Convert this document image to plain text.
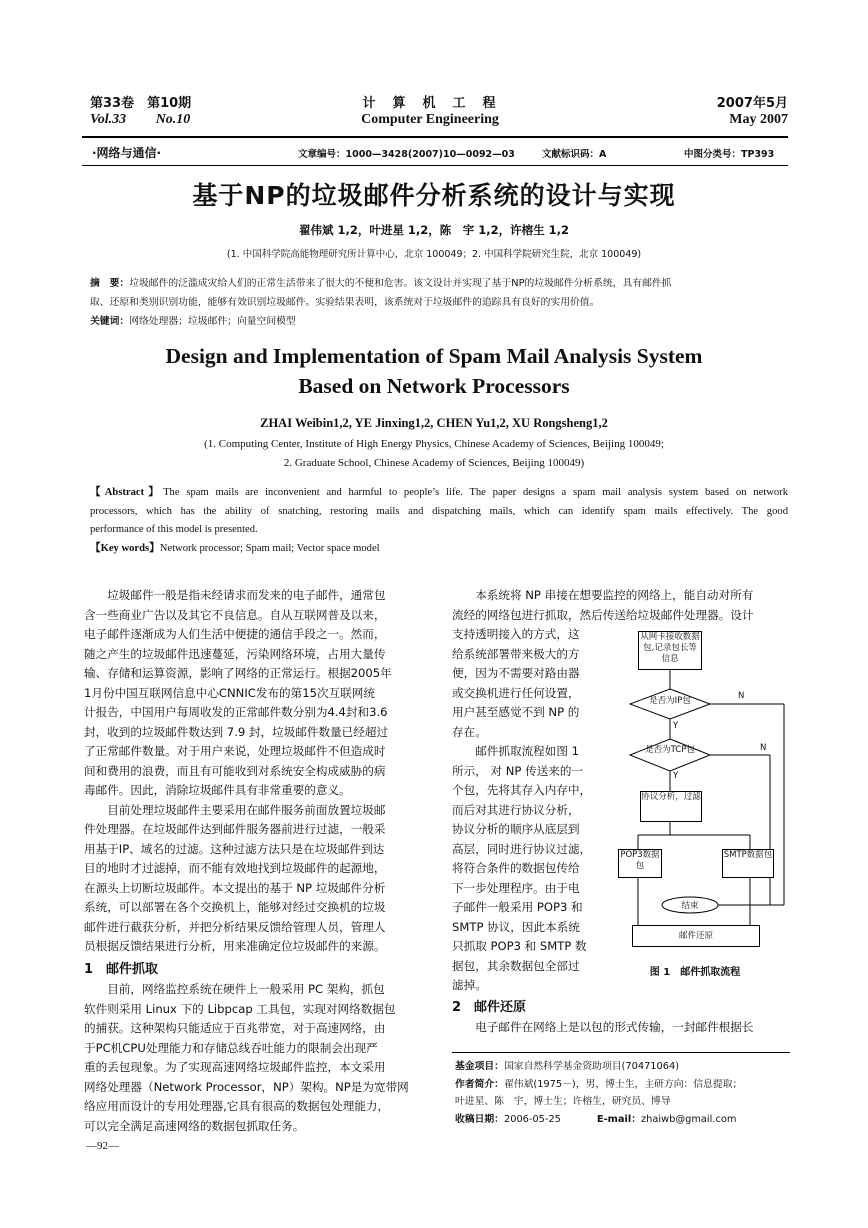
第33卷　第10期
Vol.33 No.10
计　算　机　工　程
Computer Engineering
2007年5月
May 2007
·网络与通信·	文章编号：1000—3428(2007)10—0092—03	文献标识码：A	中图分类号：TP393
基于NP的垃圾邮件分析系统的设计与实现
翟伟斌 1,2，叶进星 1,2，陈　宇 1,2，许榕生 1,2
(1. 中国科学院高能物理研究所计算中心，北京 100049；2. 中国科学院研究生院，北京 100049)
摘　要：垃圾邮件的泛滥成灾给人们的正常生活带来了很大的不便和危害。该文设计并实现了基于NP的垃圾邮件分析系统，具有邮件抓
取、还原和类别识别功能，能够有效识别垃圾邮件。实验结果表明，该系统对于垃圾邮件的追踪具有良好的实用价值。
关键词：网络处理器；垃圾邮件；向量空间模型
Design and Implementation of Spam Mail Analysis System
Based on Network Processors
ZHAI Weibin1,2, YE Jinxing1,2, CHEN Yu1,2, XU Rongsheng1,2
(1. Computing Center, Institute of High Energy Physics, Chinese Academy of Sciences, Beijing 100049;
2. Graduate School, Chinese Academy of Sciences, Beijing 100049)
【Abstract】The spam mails are inconvenient and harmful to people’s life. The paper designs a spam mail analysis system based on network
processors, which has the ability of snatching, restoring mails and dispatching mails, which can identify spam mails effectively. The good
performance of this model is presented.
【Key words】Network processor; Spam mail; Vector space model
　　垃圾邮件一般是指未经请求而发来的电子邮件，通常包
含一些商业广告以及其它不良信息。自从互联网普及以来，
电子邮件逐渐成为人们生活中便捷的通信手段之一。然而，
随之产生的垃圾邮件迅速蔓延，污染网络环境，占用大量传
输、存储和运算资源，影响了网络的正常运行。根据2005年
1月份中国互联网信息中心CNNIC发布的第15次互联网统
计报告，中国用户每周收发的正常邮件数分别为4.4封和3.6
封，收到的垃圾邮件数达到 7.9 封，垃圾邮件数量已经超过
了正常邮件数量。对于用户来说，处理垃圾邮件不但造成时
间和费用的浪费，而且有可能收到对系统安全构成威胁的病
毒邮件。因此，消除垃圾邮件具有非常重要的意义。
　　目前处理垃圾邮件主要采用在邮件服务前面放置垃圾邮
件处理器。在垃圾邮件达到邮件服务器前进行过滤，一般采
用基于IP、域名的过滤。这种过滤方法只是在垃圾邮件到达
目的地时才过滤掉，而不能有效地找到垃圾邮件的起源地，
在源头上切断垃圾邮件。本文提出的基于 NP 垃圾邮件分析
系统，可以部署在各个交换机上，能够对经过交换机的垃圾
邮件进行截获分析，并把分析结果反馈给管理人员，管理人
员根据反馈结果进行分析，用来准确定位垃圾邮件的来源。
1　邮件抓取
　　目前，网络监控系统在硬件上一般采用 PC 架构，抓包
软件则采用 Linux 下的 Libpcap 工具包，实现对网络数据包
的捕获。这种架构只能适应于百兆带宽，对于高速网络，由
于PC机CPU处理能力和存储总线吞吐能力的限制会出现严
重的丢包现象。为了实现高速网络垃圾邮件监控，本文采用
网络处理器（Network Processor，NP）架构。NP是为宽带网
络应用而设计的专用处理器,它具有很高的数据包处理能力，
可以完全满足高速网络的数据包抓取任务。
　　本系统将 NP 串接在想要监控的网络上，能自动对所有
流经的网络包进行抓取，然后传送给垃圾邮件处理器。设计
支持透明接入的方式，这
给系统部署带来极大的方
便，因为不需要对路由器
或交换机进行任何设置，
用户甚至感觉不到 NP 的
存在。
　　邮件抓取流程如图 1
所示， 对 NP 传送来的一
个包，先将其存入内存中，
而后对其进行协议分析，
协议分析的顺序从底层到
高层，同时进行协议过滤，
将符合条件的数据包传给
下一步处理程序。由于电
子邮件一般采用 POP3 和
SMTP 协议，因此本系统
只抓取 POP3 和 SMTP 数
据包，其余数据包全部过
滤掉。
2　邮件还原
　　电子邮件在网络上是以包的形式传输，一封邮件根据长
从网卡接收数据包,记录包长等信息
是否为IP包	N
Y
是否为TCP包	N
Y
协议分析，过滤
POP3数据包
SMTP数据包
结束
邮件还原
图 1　邮件抓取流程
基金项目：国家自然科学基金资助项目(70471064)
作者简介：翟伟斌(1975－)，男，博士生，主研方向：信息提取；
叶进星、陈　宇，博士生；许榕生，研究员、博导
收稿日期：2006-05-25	E-mail：zhaiwb@gmail.com
—92—
